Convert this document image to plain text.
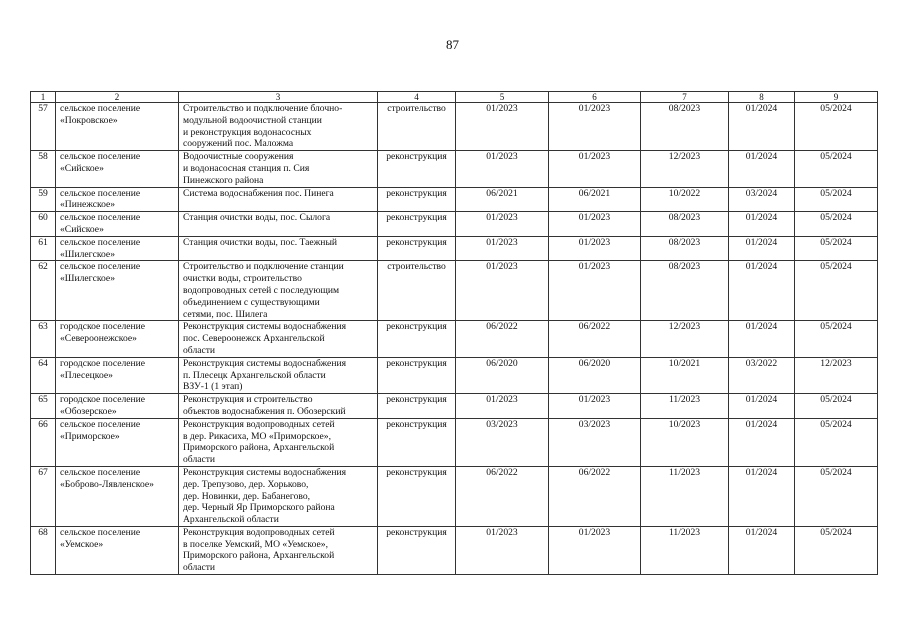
87
1	2	3	4	5	6	7	8	9
57	сельское поселение
«Покровское»	Строительство и подключение блочно-
модульной водоочистной станции
и реконструкция водонасосных
сооружений пос. Маложма	строительство	01/2023	01/2023	08/2023	01/2024	05/2024
58	сельское поселение
«Сийское»	Водоочистные сооружения
и водонасосная станция п. Сия
Пинежского района	реконструкция	01/2023	01/2023	12/2023	01/2024	05/2024
59	сельское поселение
«Пинежское»	Система водоснабжения пос. Пинега	реконструкция	06/2021	06/2021	10/2022	03/2024	05/2024
60	сельское поселение
«Сийское»	Станция очистки воды, пос. Сылога	реконструкция	01/2023	01/2023	08/2023	01/2024	05/2024
61	сельское поселение
«Шилегское»	Станция очистки воды, пос. Таежный	реконструкция	01/2023	01/2023	08/2023	01/2024	05/2024
62	сельское поселение
«Шилегское»	Строительство и подключение станции
очистки воды, строительство
водопроводных сетей с последующим
объединением с существующими
сетями, пос. Шилега	строительство	01/2023	01/2023	08/2023	01/2024	05/2024
63	городское поселение
«Североонежское»	Реконструкция системы водоснабжения
пос. Североонежск Архангельской
области	реконструкция	06/2022	06/2022	12/2023	01/2024	05/2024
64	городское поселение
«Плесецкое»	Реконструкция системы водоснабжения
п. Плесецк Архангельской области
ВЗУ-1 (1 этап)	реконструкция	06/2020	06/2020	10/2021	03/2022	12/2023
65	городское поселение
«Обозерское»	Реконструкция и строительство
объектов водоснабжения п. Обозерский	реконструкция	01/2023	01/2023	11/2023	01/2024	05/2024
66	сельское поселение
«Приморское»	Реконструкция водопроводных сетей
в дер. Рикасиха, МО «Приморское»,
Приморского района, Архангельской
области	реконструкция	03/2023	03/2023	10/2023	01/2024	05/2024
67	сельское поселение
«Боброво-Лявленское»	Реконструкция системы водоснабжения
дер. Трепузово, дер. Хорьково,
дер. Новинки, дер. Бабанегово,
дер. Черный Яр Приморского района
Архангельской области	реконструкция	06/2022	06/2022	11/2023	01/2024	05/2024
68	сельское поселение
«Уемское»	Реконструкция водопроводных сетей
в поселке Уемский, МО «Уемское»,
Приморского района, Архангельской
области	реконструкция	01/2023	01/2023	11/2023	01/2024	05/2024
